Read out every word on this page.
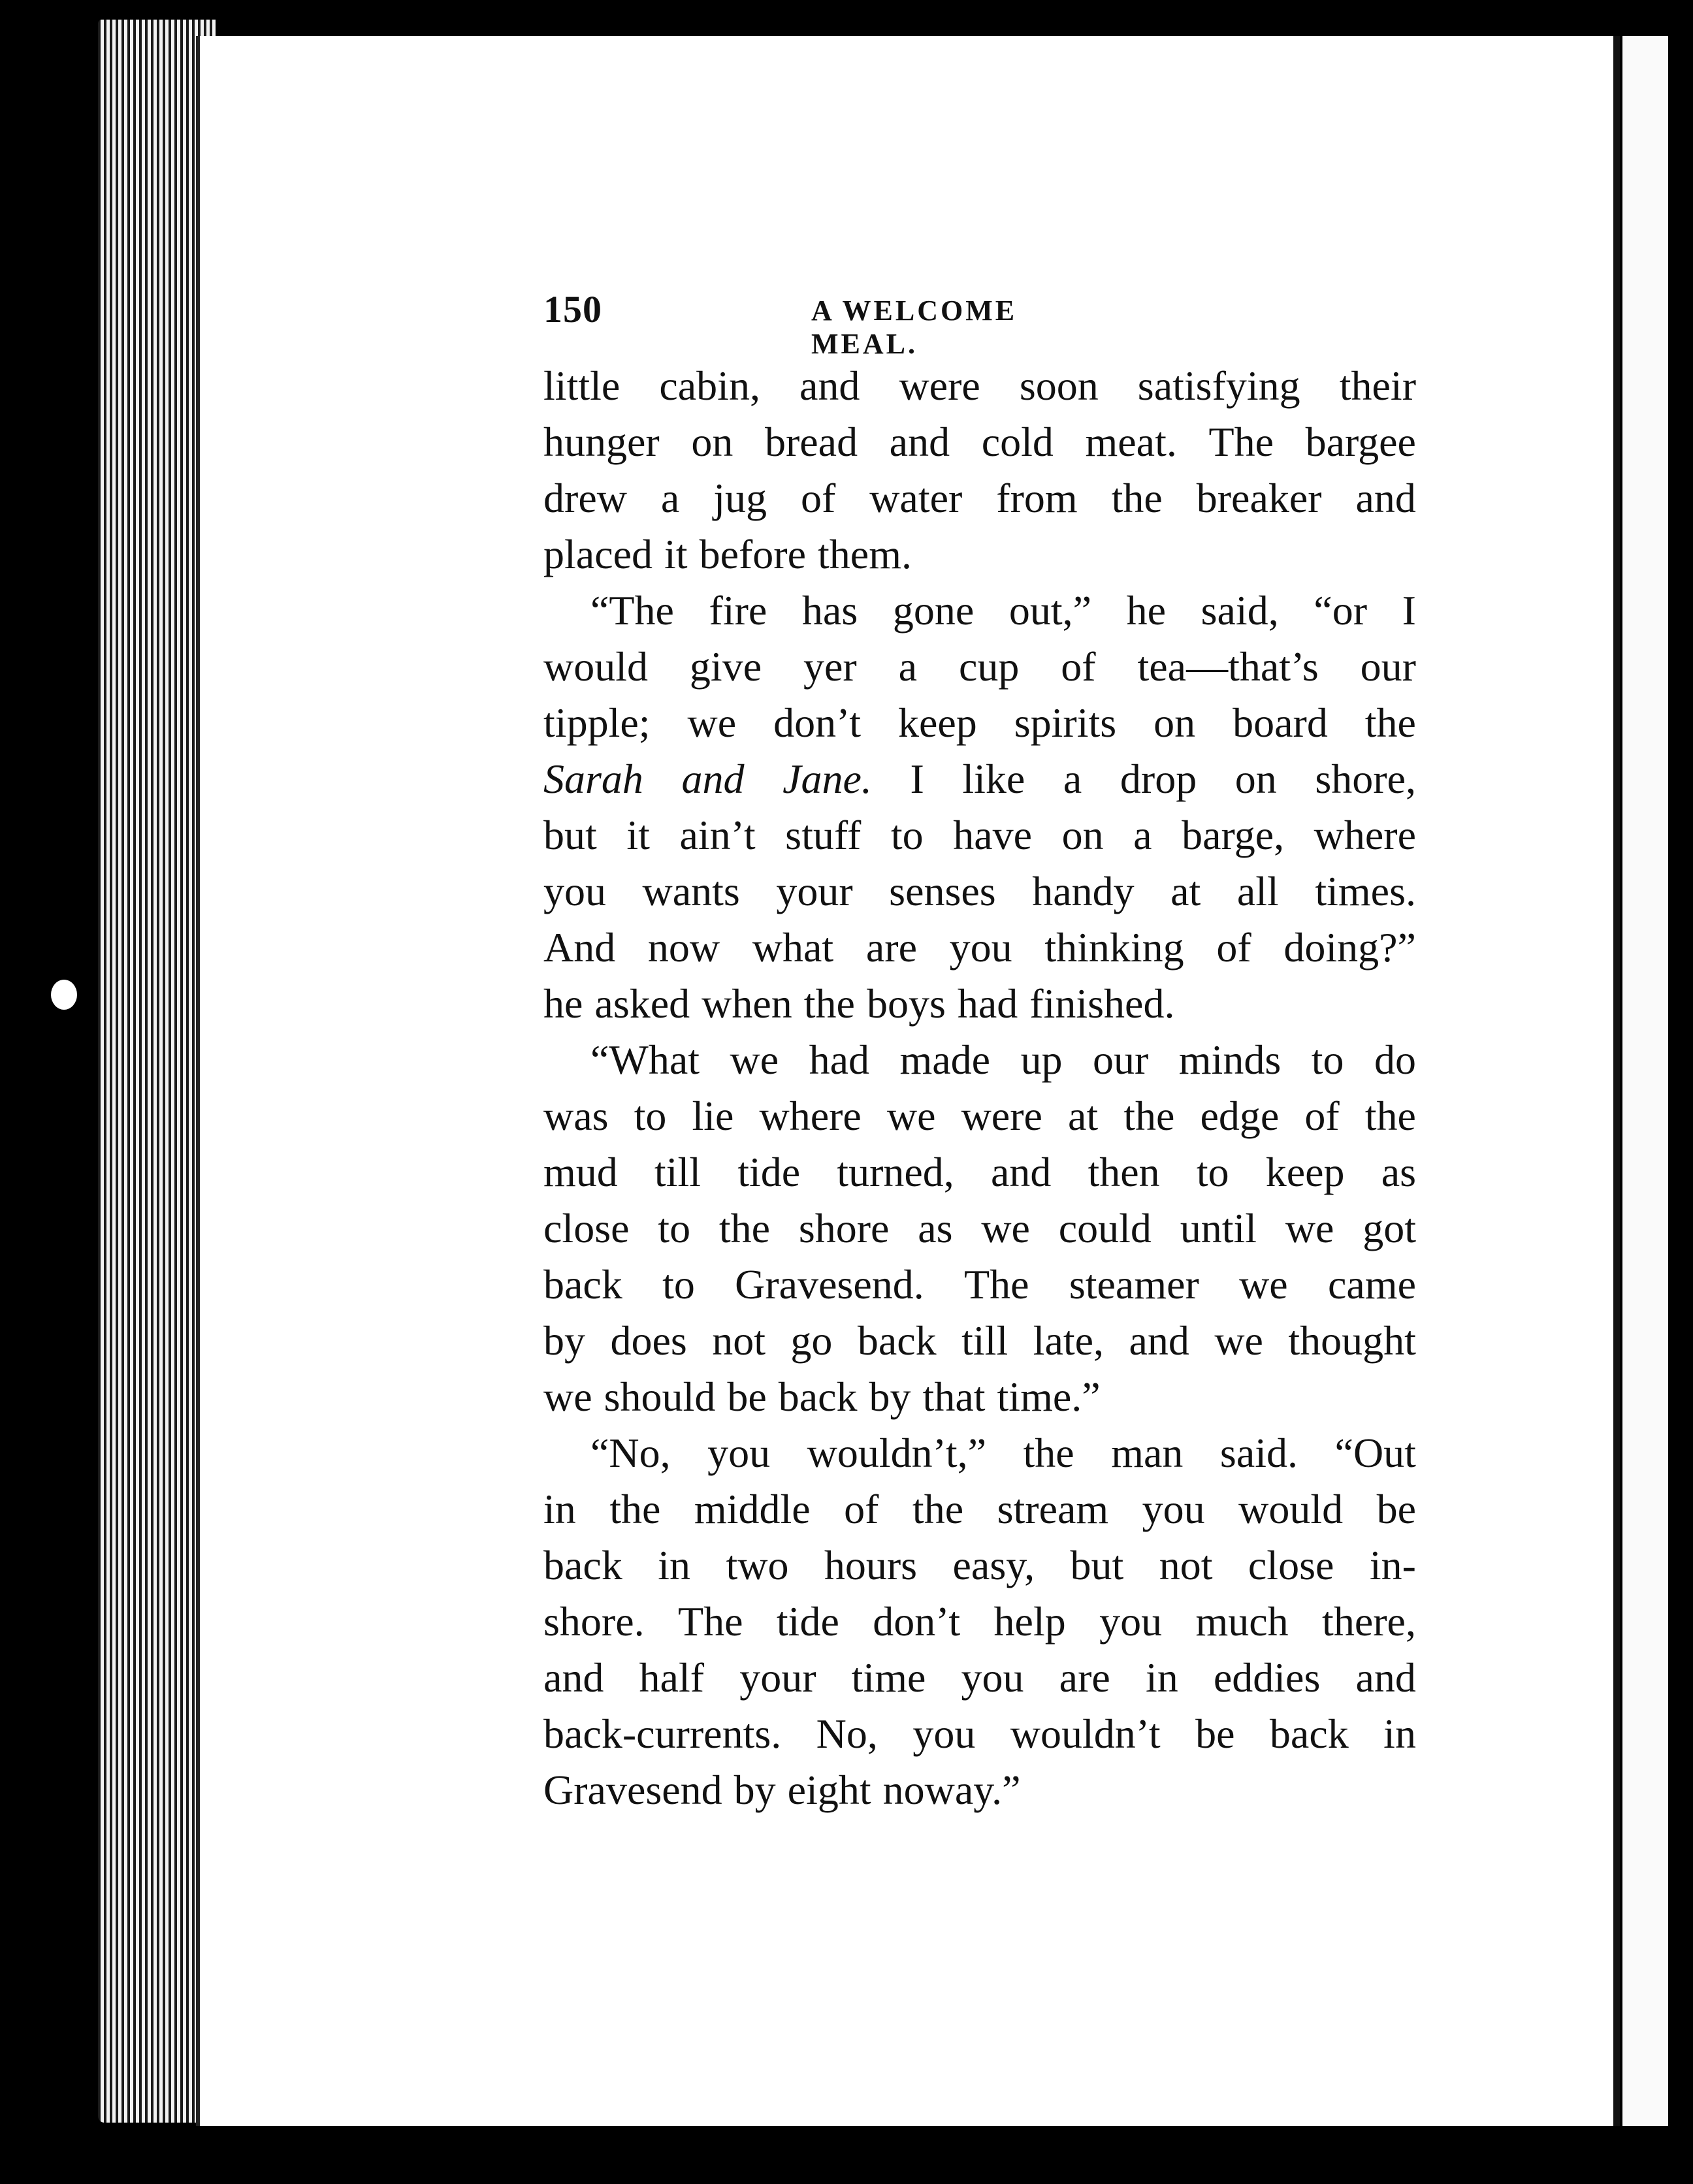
150	A WELCOME MEAL.
little cabin, and were soon satisfying their
hunger on bread and cold meat. The bargee
drew a jug of water from the breaker and
placed it before them.
“The fire has gone out,” he said, “or I
would give yer a cup of tea—that’s our
tipple; we don’t keep spirits on board the
Sarah and Jane. I like a drop on shore,
but it ain’t stuff to have on a barge, where
you wants your senses handy at all times.
And now what are you thinking of doing?”
he asked when the boys had finished.
“What we had made up our minds to do
was to lie where we were at the edge of the
mud till tide turned, and then to keep as
close to the shore as we could until we got
back to Gravesend. The steamer we came
by does not go back till late, and we thought
we should be back by that time.”
“No, you wouldn’t,” the man said. “Out
in the middle of the stream you would be
back in two hours easy, but not close in-
shore. The tide don’t help you much there,
and half your time you are in eddies and
back-currents. No, you wouldn’t be back in
Gravesend by eight noway.”
